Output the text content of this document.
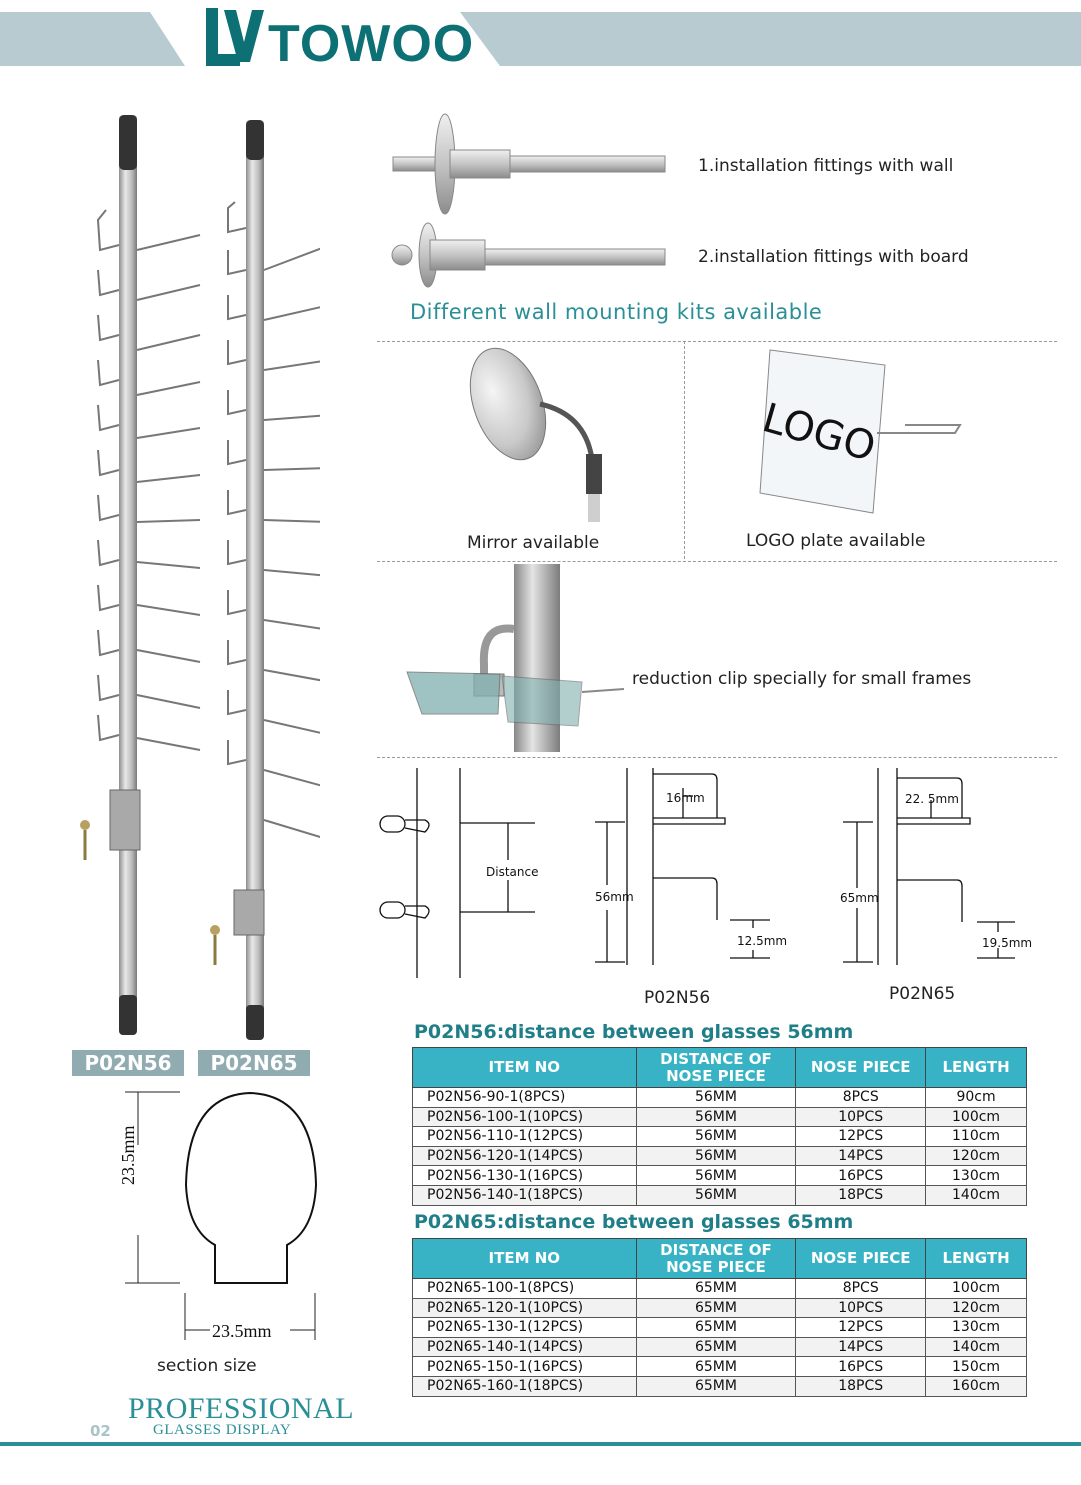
TOWOO
P02N56	P02N65
23.5mm
23.5mm
section size
1.installation fittings with wall
2.installation fittings with board
Different wall mounting kits available
Mirror available
LOGO
LOGO plate available
reduction clip specially for small frames
Distance
16mm
56mm
12.5mm
P02N56
22. 5mm
65mm
19.5mm
P02N65
P02N56:distance between glasses 56mm
ITEM NO	DISTANCE OF NOSE PIECE	NOSE PIECE	LENGTH
P02N56-90-1(8PCS)	56MM	8PCS	90cm
P02N56-100-1(10PCS)	56MM	10PCS	100cm
P02N56-110-1(12PCS)	56MM	12PCS	110cm
P02N56-120-1(14PCS)	56MM	14PCS	120cm
P02N56-130-1(16PCS)	56MM	16PCS	130cm
P02N56-140-1(18PCS)	56MM	18PCS	140cm
P02N65:distance between glasses 65mm
ITEM NO	DISTANCE OF NOSE PIECE	NOSE PIECE	LENGTH
P02N65-100-1(8PCS)	65MM	8PCS	100cm
P02N65-120-1(10PCS)	65MM	10PCS	120cm
P02N65-130-1(12PCS)	65MM	12PCS	130cm
P02N65-140-1(14PCS)	65MM	14PCS	140cm
P02N65-150-1(16PCS)	65MM	16PCS	150cm
P02N65-160-1(18PCS)	65MM	18PCS	160cm
PROFESSIONAL
GLASSES DISPLAY
02
